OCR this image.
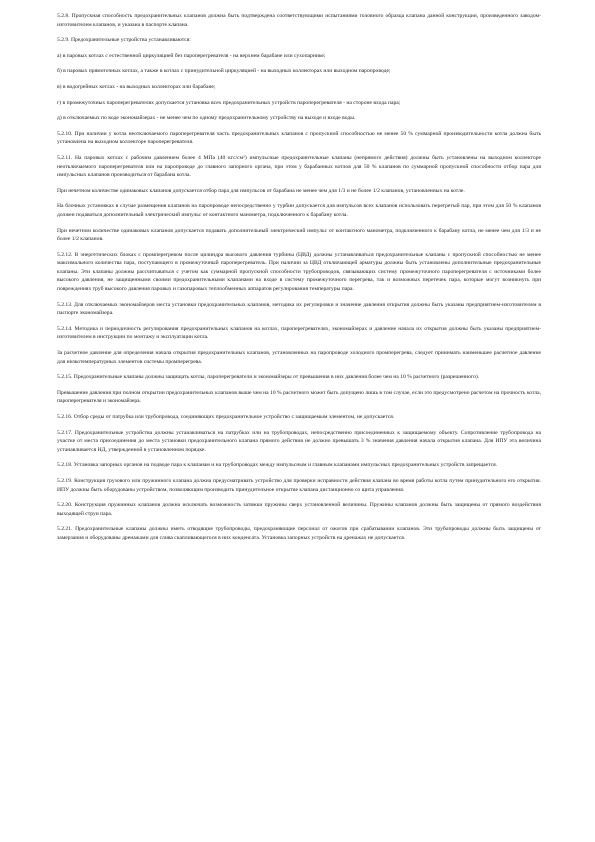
5.2.8. Пропускная способность предохранительных клапанов должна быть подтверждена соответствующими испытаниями головного образца клапана данной конструкции, произведенного заводом-изготовителем клапанов, и указана в паспорте клапана.

5.2.9. Предохранительные устройства устанавливаются:

а) в паровых котлах с естественной циркуляцией без пароперегревателя - на верхнем барабане или сухопарнике;

б) в паровых прямоточных котлах, а также в котлах с принудительной циркуляцией - на выходных коллекторах или выходном паропроводе;

в) в водогрейных котлах - на выходных коллекторах или барабане;

г) в промежуточных пароперегревателях допускается установка всех предохранительных устройств пароперегревателя - на стороне входа пара;

д) в отключаемых по воде экономайзерах - не менее чем по одному предохранительному устройству на выходе и входе воды.

5.2.10. При наличии у котла неотключаемого пароперегревателя часть предохранительных клапанов с пропускной способностью не менее 50 % суммарной производительности котла должна быть установлена на выходном коллекторе пароперегревателя.

5.2.11. На паровых котлах с рабочим давлением более 4 МПа (40 кгс/см²) импульсные предохранительные клапаны (непрямого действия) должны быть установлены на выходном коллекторе неотключаемого пароперегревателя или на паропроводе до главного запорного органа, при этом у барабанных котлов для 50 % клапанов по суммарной пропускной способности отбор пара для импульсных клапанов производиться от барабана котла.

При нечетном количестве одинаковых клапанов допускается отбор пара для импульсов от барабана не менее чем для 1/3 и не более 1/2 клапанов, установленных на котле.

На блочных установках в случае размещения клапанов на паропроводе непосредственно у турбин допускается для импульсов всех клапанов использовать перегретый пар, при этом для 50 % клапанов должен подаваться дополнительный электрический импульс от контактного манометра, подключенного к барабану котла.

При нечетном количестве одинаковых клапанов допускается подавать дополнительный электрический импульс от контактного манометра, подключенного к барабану котла, не менее чем для 1/3 и не более 1/2 клапанов.

5.2.12. В энергетических блоках с промперегревом после цилиндра высокого давления турбины (ЦВД) должны устанавливаться предохранительные клапаны с пропускной способностью не менее максимального количества пара, поступающего в промежуточный пароперегреватель. При наличии за ЦВД отключающей арматуры должны быть установлены дополнительные предохранительные клапаны. Эти клапаны должны рассчитываться с учетом как суммарной пропускной способности трубопроводов, связывающих систему промежуточного пароперегревателя с источниками более высокого давления, не защищенными своими предохранительными клапанами на входе в систему промежуточного перегрева, так и возможных перетечек пара, которые могут возникнуть при повреждениях труб высокого давления паровых и газопаровых теплообменных аппаратов регулирования температуры пара.

5.2.13. Для отключаемых экономайзеров места установки предохранительных клапанов, методика их регулировки и значение давления открытия должны быть указаны предприятием-изготовителем в паспорте экономайзера.

5.2.14. Методика и периодичность регулирования предохранительных клапанов на котлах, пароперегревателях, экономайзерах и давление начала их открытия должны быть указаны предприятием-изготовителем в инструкции по монтажу и эксплуатации котла.

За расчетное давление для определения начала открытия предохранительных клапанов, установленных на паропроводе холодного промперегрева, следует принимать наименьшее расчетное давление для низкотемпературных элементов системы промперегрева.

5.2.15. Предохранительные клапаны должны защищать котлы, пароперегреватели и экономайзеры от превышения в них давления более чем на 10 % расчетного (разрешенного).

Превышение давления при полном открытии предохранительных клапанов выше чем на 10 % расчетного может быть допущено лишь в том случае, если это предусмотрено расчетом на прочность котла, пароперегревателя и экономайзера.

5.2.16. Отбор среды от патрубка или трубопровода, соединяющих предохранительное устройство с защищаемым элементом, не допускается.

5.2.17. Предохранительные устройства должны устанавливаться на патрубках или на трубопроводах, непосредственно присоединенных к защищаемому объекту. Сопротивление трубопровода на участке от места присоединения до места установки предохранительного клапана прямого действия не должно превышать 3 % значения давления начала открытия клапана. Для ИПУ эта величина устанавливается НД, утвержденной в установленном порядке.

5.2.18. Установка запорных органов на подводе пара к клапанам и на трубопроводах между импульсным и главным клапанами импульсных предохранительных устройств запрещается.

5.2.19. Конструкция грузового или пружинного клапана должна предусматривать устройство для проверки исправности действия клапана во время работы котла путем принудительного его открытия. ИПУ должны быть оборудованы устройством, позволяющим производить принудительное открытие клапана дистанционно со щита управления.

5.2.20. Конструкция пружинных клапанов должна исключать возможность затяжки пружины сверх установленной величины. Пружины клапанов должны быть защищены от прямого воздействия выходящей струи пара.

5.2.21. Предохранительные клапаны должны иметь отводящие трубопроводы, предохраняющие персонал от ожогов при срабатывании клапанов. Эти трубопроводы должны быть защищены от замерзания и оборудованы дренажами для слива скапливающегося в них конденсата. Установка запорных устройств на дренажах не допускается.
